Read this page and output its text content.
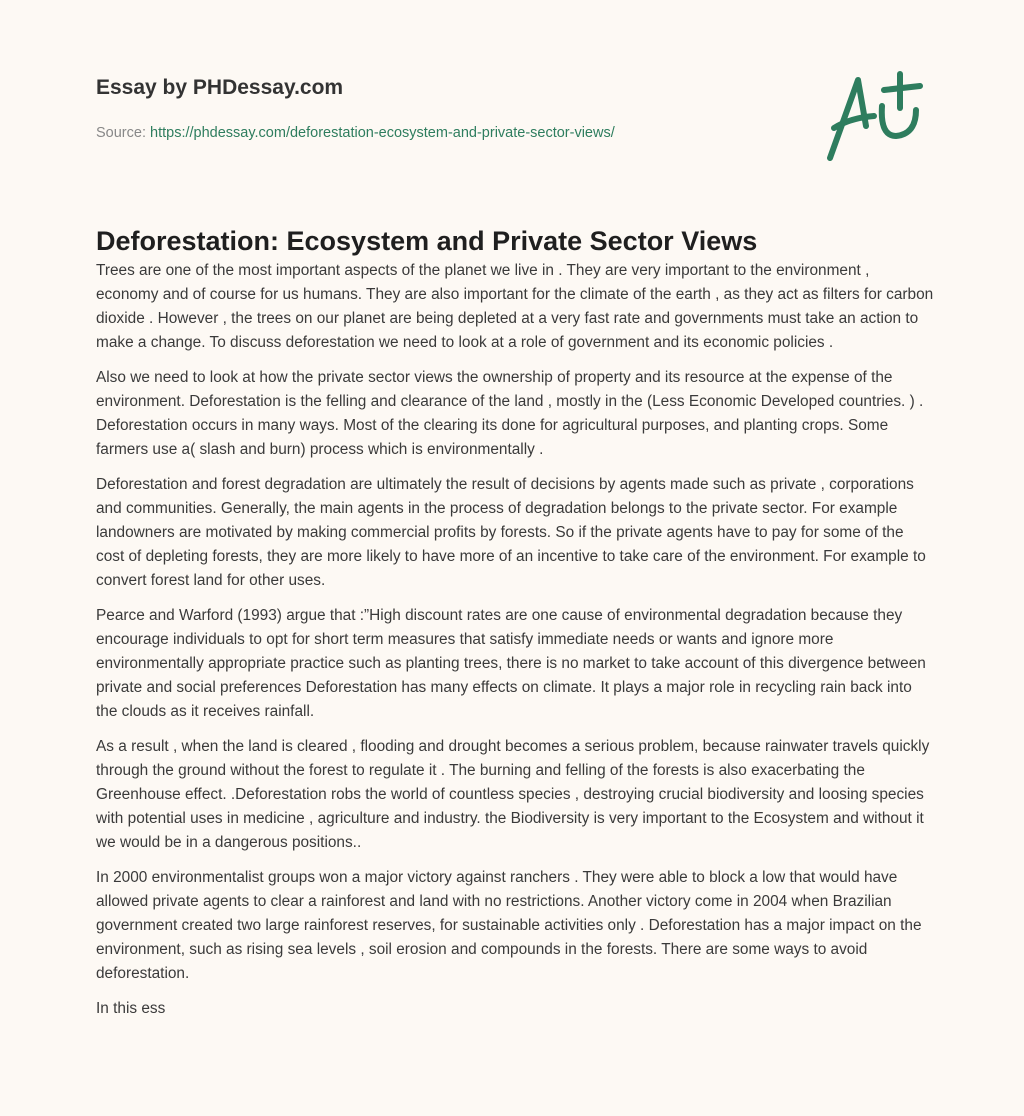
Essay by PHDessay.com
Source: https://phdessay.com/deforestation-ecosystem-and-private-sector-views/
Deforestation: Ecosystem and Private Sector Views

Trees are one of the most important aspects of the planet we live in . They are very important to the environment , economy and of course for us humans. They are also important for the climate of the earth , as they act as filters for carbon dioxide . However , the trees on our planet are being depleted at a very fast rate and governments must take an action to make a change. To discuss deforestation we need to look at a role of government and its economic policies .

Also we need to look at how the private sector views the ownership of property and its resource at the expense of the environment. Deforestation is the felling and clearance of the land , mostly in the (Less Economic Developed countries. ) . Deforestation occurs in many ways. Most of the clearing its done for agricultural purposes, and planting crops. Some farmers use a( slash and burn) process which is environmentally .

Deforestation and forest degradation are ultimately the result of decisions by agents made such as private , corporations and communities. Generally, the main agents in the process of degradation belongs to the private sector. For example landowners are motivated by making commercial profits by forests. So if the private agents have to pay for some of the cost of depleting forests, they are more likely to have more of an incentive to take care of the environment. For example to convert forest land for other uses.

Pearce and Warford (1993) argue that :”High discount rates are one cause of environmental degradation because they encourage individuals to opt for short term measures that satisfy immediate needs or wants and ignore more environmentally appropriate practice such as planting trees, there is no market to take account of this divergence between private and social preferences Deforestation has many effects on climate. It plays a major role in recycling rain back into the clouds as it receives rainfall.

As a result , when the land is cleared , flooding and drought becomes a serious problem, because rainwater travels quickly through the ground without the forest to regulate it . The burning and felling of the forests is also exacerbating the Greenhouse effect. .Deforestation robs the world of countless species , destroying crucial biodiversity and loosing species with potential uses in medicine , agriculture and industry. the Biodiversity is very important to the Ecosystem and without it we would be in a dangerous positions..

In 2000 environmentalist groups won a major victory against ranchers . They were able to block a low that would have allowed private agents to clear a rainforest and land with no restrictions. Another victory come in 2004 when Brazilian government created two large rainforest reserves, for sustainable activities only . Deforestation has a major impact on the environment, such as rising sea levels , soil erosion and compounds in the forests. There are some ways to avoid deforestation.

In this ess
